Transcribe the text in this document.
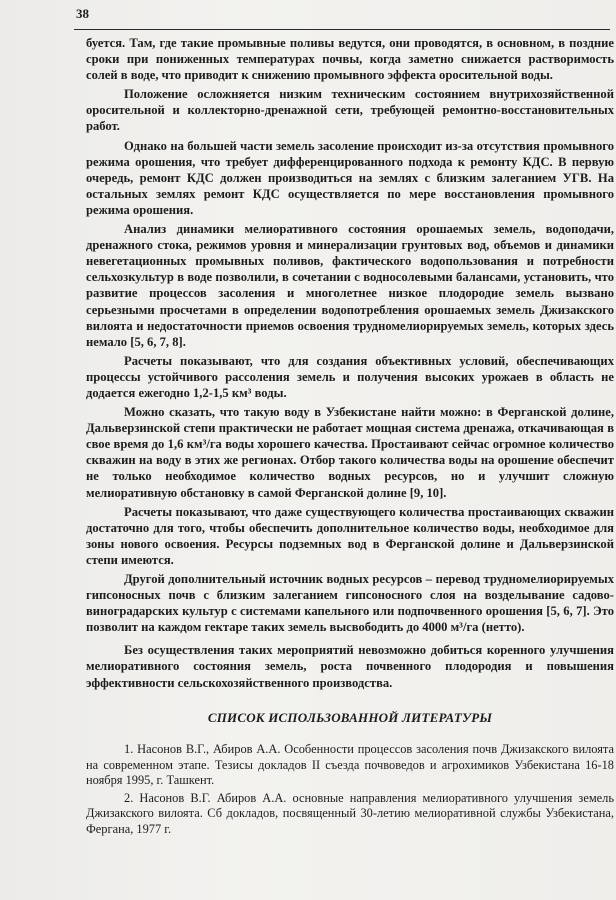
38

буется. Там, где такие промывные поливы ведутся, они проводятся, в основном, в поздние сроки при пониженных температурах почвы, когда заметно снижается растворимость солей в воде, что приводит к снижению промывного эффекта оросительной воды.

Положение осложняется низким техническим состоянием внутрихозяйственной оросительной и коллекторно-дренажной сети, требующей ремонтно-восстановительных работ.

Однако на большей части земель засоление происходит из-за отсутствия промывного режима орошения, что требует дифференцированного подхода к ремонту КДС. В первую очередь, ремонт КДС должен производиться на землях с близким залеганием УГВ. На остальных землях ремонт КДС осуществляется по мере восстановления промывного режима орошения.

Анализ динамики мелиоративного состояния орошаемых земель, водоподачи, дренажного стока, режимов уровня и минерализации грунтовых вод, объемов и динамики невегетационных промывных поливов, фактического водопользования и потребности сельхозкультур в воде позволили, в сочетании с водносолевыми балансами, установить, что развитие процессов засоления и многолетнее низкое плодородие земель вызвано серьезными просчетами в определении водопотребления орошаемых земель Джизакского вилоята и недостаточности приемов освоения трудномелиорируемых земель, которых здесь немало [5, 6, 7, 8].

Расчеты показывают, что для создания объективных условий, обеспечивающих процессы устойчивого рассоления земель и получения высоких урожаев в область не додается ежегодно 1,2-1,5 км³ воды.

Можно сказать, что такую воду в Узбекистане найти можно: в Ферганской долине, Дальверзинской степи практически не работает мощная система дренажа, откачивающая в свое время до 1,6 км³/га воды хорошего качества. Простаивают сейчас огромное количество скважин на воду в этих же регионах. Отбор такого количества воды на орошение обеспечит не только необходимое количество водных ресурсов, но и улучшит сложную мелиоративную обстановку в самой Ферганской долине [9, 10].

Расчеты показывают, что даже существующего количества простаивающих скважин достаточно для того, чтобы обеспечить дополнительное количество воды, необходимое для зоны нового освоения. Ресурсы подземных вод в Ферганской долине и Дальверзинской степи имеются.

Другой дополнительный источник водных ресурсов – перевод трудномелиорируемых гипсоносных почв с близким залеганием гипсоносного слоя на возделывание садово-виноградарских культур с системами капельного или подпочвенного орошения [5, 6, 7]. Это позволит на каждом гектаре таких земель высвободить до 4000 м³/га (нетто).

Без осуществления таких мероприятий невозможно добиться коренного улучшения мелиоративного состояния земель, роста почвенного плодородия и повышения эффективности сельскохозяйственного производства.

СПИСОК ИСПОЛЬЗОВАННОЙ ЛИТЕРАТУРЫ

1. Насонов В.Г., Абиров А.А. Особенности процессов засоления почв Джизакского вилоята на современном этапе. Тезисы докладов II съезда почвоведов и агрохимиков Узбекистана 16-18 ноября 1995, г. Ташкент.

2. Насонов В.Г. Абиров А.А. основные направления мелиоративного улучшения земель Джизакского вилоята. Сб докладов, посвященный 30-летию мелиоративной службы Узбекистана, Фергана, 1977 г.
